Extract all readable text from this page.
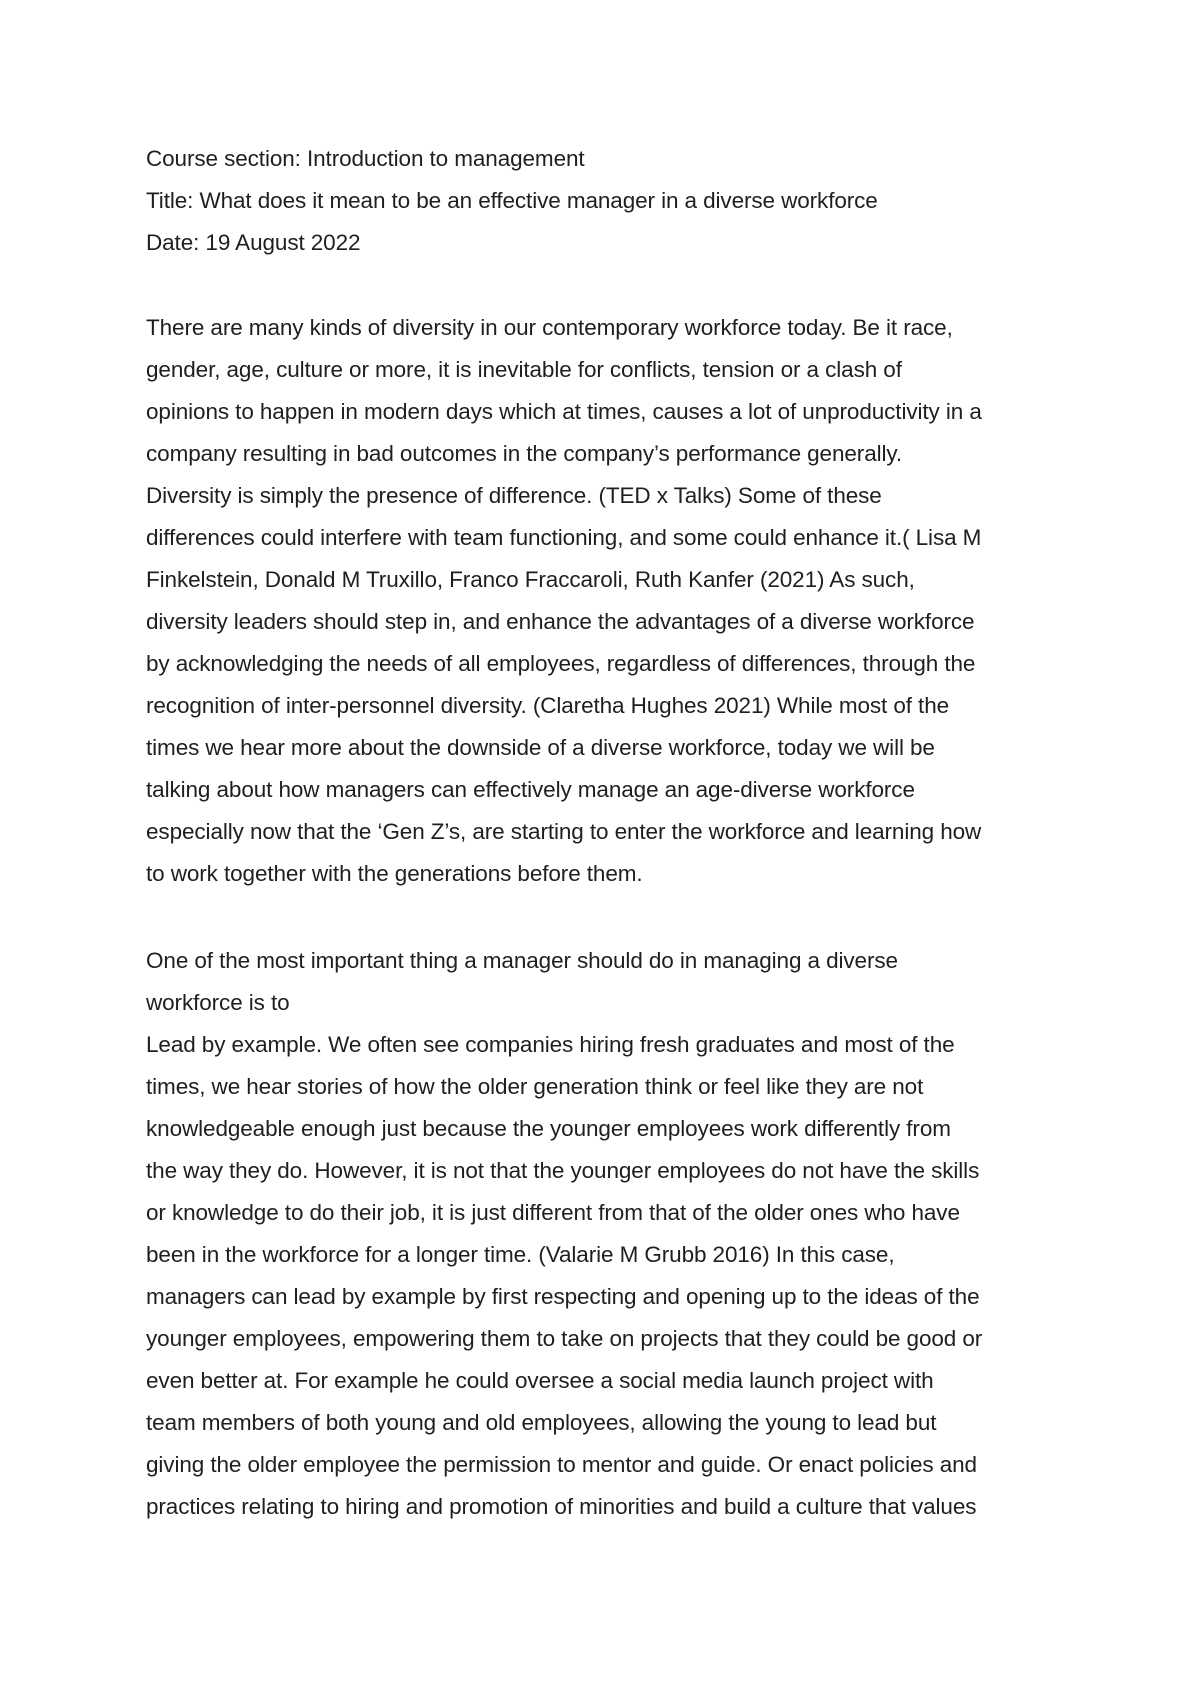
Course section: Introduction to management
Title: What does it mean to be an effective manager in a diverse workforce
Date: 19 August 2022
There are many kinds of diversity in our contemporary workforce today. Be it race,
gender, age, culture or more, it is inevitable for conflicts, tension or a clash of
opinions to happen in modern days which at times, causes a lot of unproductivity in a
company resulting in bad outcomes in the company’s performance generally.
Diversity is simply the presence of difference. (TED x Talks) Some of these
differences could interfere with team functioning, and some could enhance it.( Lisa M
Finkelstein, Donald M Truxillo, Franco Fraccaroli, Ruth Kanfer (2021) As such,
diversity leaders should step in, and enhance the advantages of a diverse workforce
by acknowledging the needs of all employees, regardless of differences, through the
recognition of inter-personnel diversity. (Claretha Hughes 2021) While most of the
times we hear more about the downside of a diverse workforce, today we will be
talking about how managers can effectively manage an age-diverse workforce
especially now that the ‘Gen Z’s, are starting to enter the workforce and learning how
to work together with the generations before them.
One of the most important thing a manager should do in managing a diverse
workforce is to
Lead by example. We often see companies hiring fresh graduates and most of the
times, we hear stories of how the older generation think or feel like they are not
knowledgeable enough just because the younger employees work differently from
the way they do. However, it is not that the younger employees do not have the skills
or knowledge to do their job, it is just different from that of the older ones who have
been in the workforce for a longer time. (Valarie M Grubb 2016) In this case,
managers can lead by example by first respecting and opening up to the ideas of the
younger employees, empowering them to take on projects that they could be good or
even better at. For example he could oversee a social media launch project with
team members of both young and old employees, allowing the young to lead but
giving the older employee the permission to mentor and guide. Or enact policies and
practices relating to hiring and promotion of minorities and build a culture that values
